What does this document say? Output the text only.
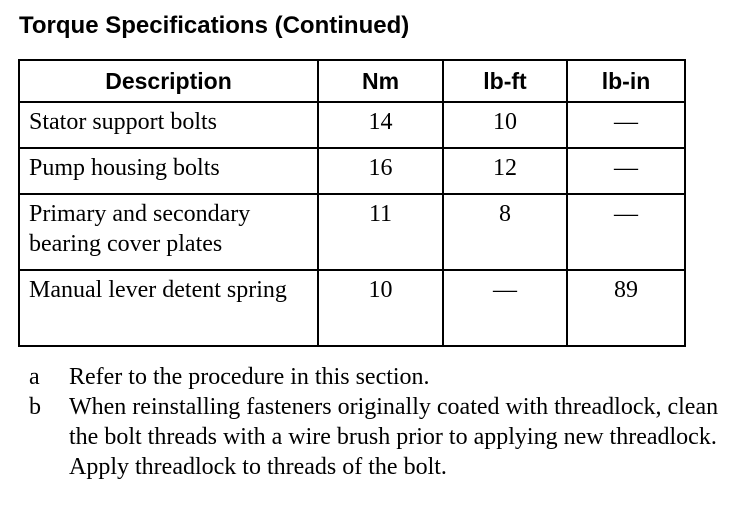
Torque Specifications (Continued)
Description	Nm	lb-ft	lb-in
Stator support bolts	14	10	—
Pump housing bolts	16	12	—
Primary and secondary bearing cover plates	11	8	—
Manual lever detent spring	10	—	89
a	Refer to the procedure in this section.
b	When reinstalling fasteners originally coated with threadlock, clean the bolt threads with a wire brush prior to applying new threadlock. Apply threadlock to threads of the bolt.
